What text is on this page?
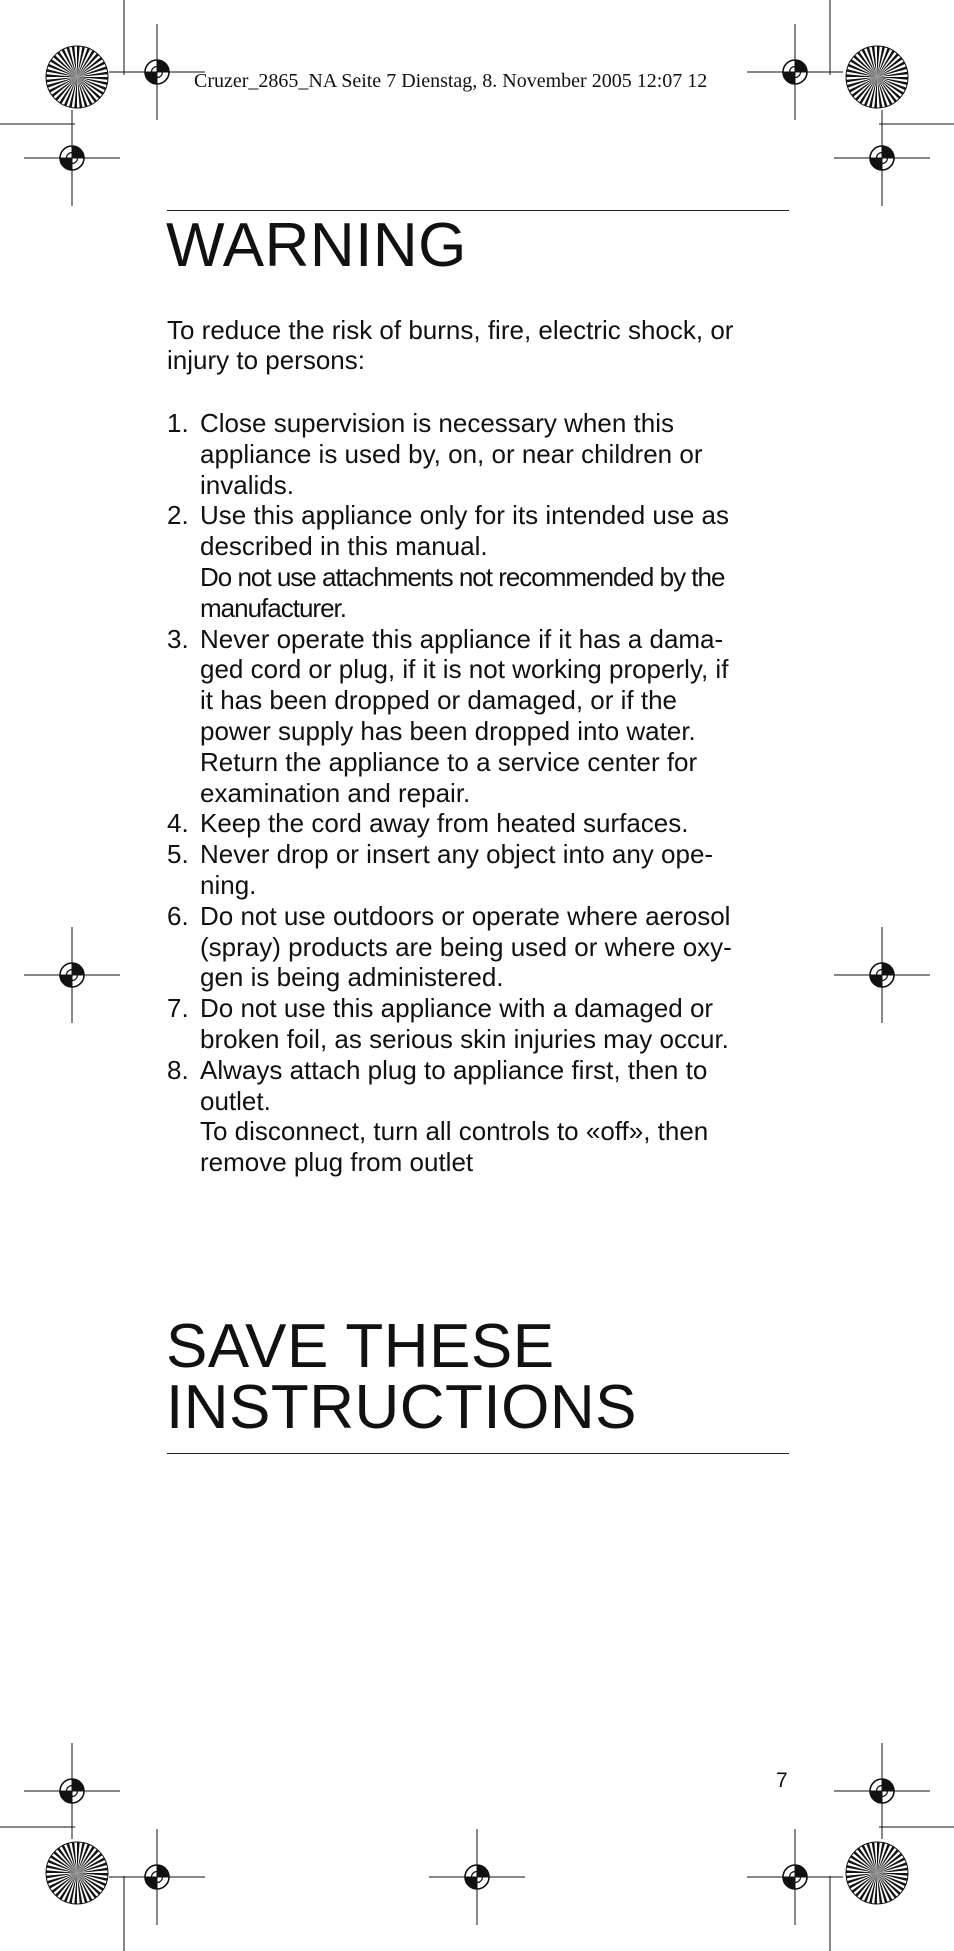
Cruzer_2865_NA Seite 7 Dienstag, 8. November 2005 12:07 12
WARNING

To reduce the risk of burns, fire, electric shock, or injury to persons:

1. Close supervision is necessary when this
appliance is used by, on, or near children or
invalids.
2. Use this appliance only for its intended use as
described in this manual.
Do not use attachments not recommended by the
manufacturer.
3. Never operate this appliance if it has a dama-
ged cord or plug, if it is not working properly, if
it has been dropped or damaged, or if the
power supply has been dropped into water.
Return the appliance to a service center for
examination and repair.
4. Keep the cord away from heated surfaces.
5. Never drop or insert any object into any ope-
ning.
6. Do not use outdoors or operate where aerosol
(spray) products are being used or where oxy-
gen is being administered.
7. Do not use this appliance with a damaged or
broken foil, as serious skin injuries may occur.
8. Always attach plug to appliance first, then to
outlet.
To disconnect, turn all controls to «off», then
remove plug from outlet
SAVE THESE
INSTRUCTIONS
7
